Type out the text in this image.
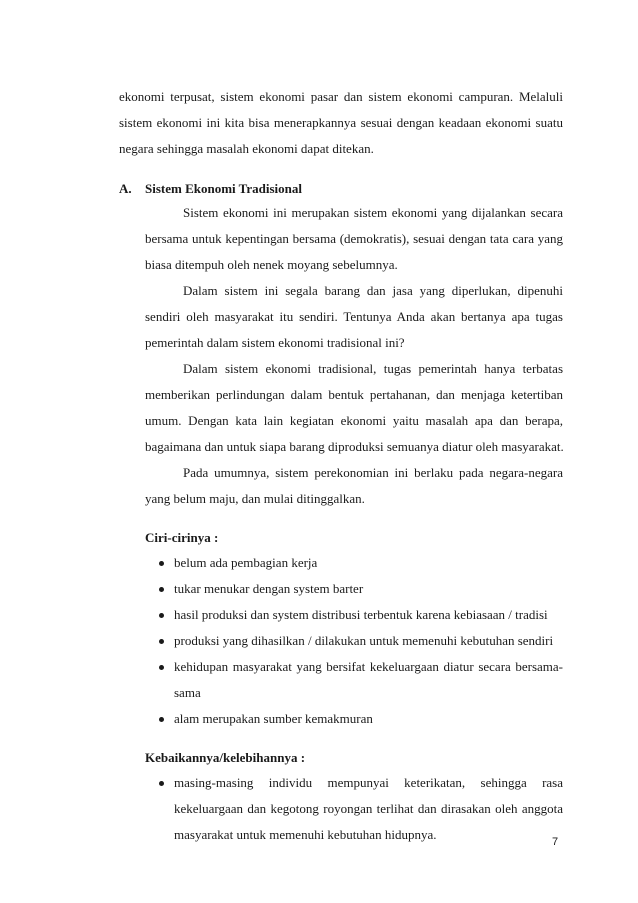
ekonomi terpusat, sistem ekonomi pasar dan sistem ekonomi campuran. Melaluli
sistem ekonomi ini kita bisa menerapkannya sesuai dengan keadaan ekonomi suatu
negara sehingga masalah ekonomi dapat ditekan.
A. Sistem Ekonomi Tradisional
Sistem ekonomi ini merupakan sistem ekonomi yang dijalankan secara
bersama untuk kepentingan bersama (demokratis), sesuai dengan tata cara yang
biasa ditempuh oleh nenek moyang sebelumnya.
Dalam sistem ini segala barang dan jasa yang diperlukan, dipenuhi
sendiri oleh masyarakat itu sendiri. Tentunya Anda akan bertanya apa tugas
pemerintah dalam sistem ekonomi tradisional ini?
Dalam sistem ekonomi tradisional, tugas pemerintah hanya terbatas
memberikan perlindungan dalam bentuk pertahanan, dan menjaga ketertiban
umum. Dengan kata lain kegiatan ekonomi yaitu masalah apa dan berapa,
bagaimana dan untuk siapa barang diproduksi semuanya diatur oleh masyarakat.
Pada umumnya, sistem perekonomian ini berlaku pada negara-negara
yang belum maju, dan mulai ditinggalkan.
Ciri-cirinya :
belum ada pembagian kerja
tukar menukar dengan system barter
hasil produksi dan system distribusi terbentuk karena kebiasaan / tradisi
produksi yang dihasilkan / dilakukan untuk memenuhi kebutuhan sendiri
kehidupan masyarakat yang bersifat kekeluargaan diatur secara bersama-
sama
alam merupakan sumber kemakmuran
Kebaikannya/kelebihannya :
masing-masing individu mempunyai keterikatan, sehingga rasa
kekeluargaan dan kegotong royongan terlihat dan dirasakan oleh anggota
masyarakat untuk memenuhi kebutuhan hidupnya.	7
